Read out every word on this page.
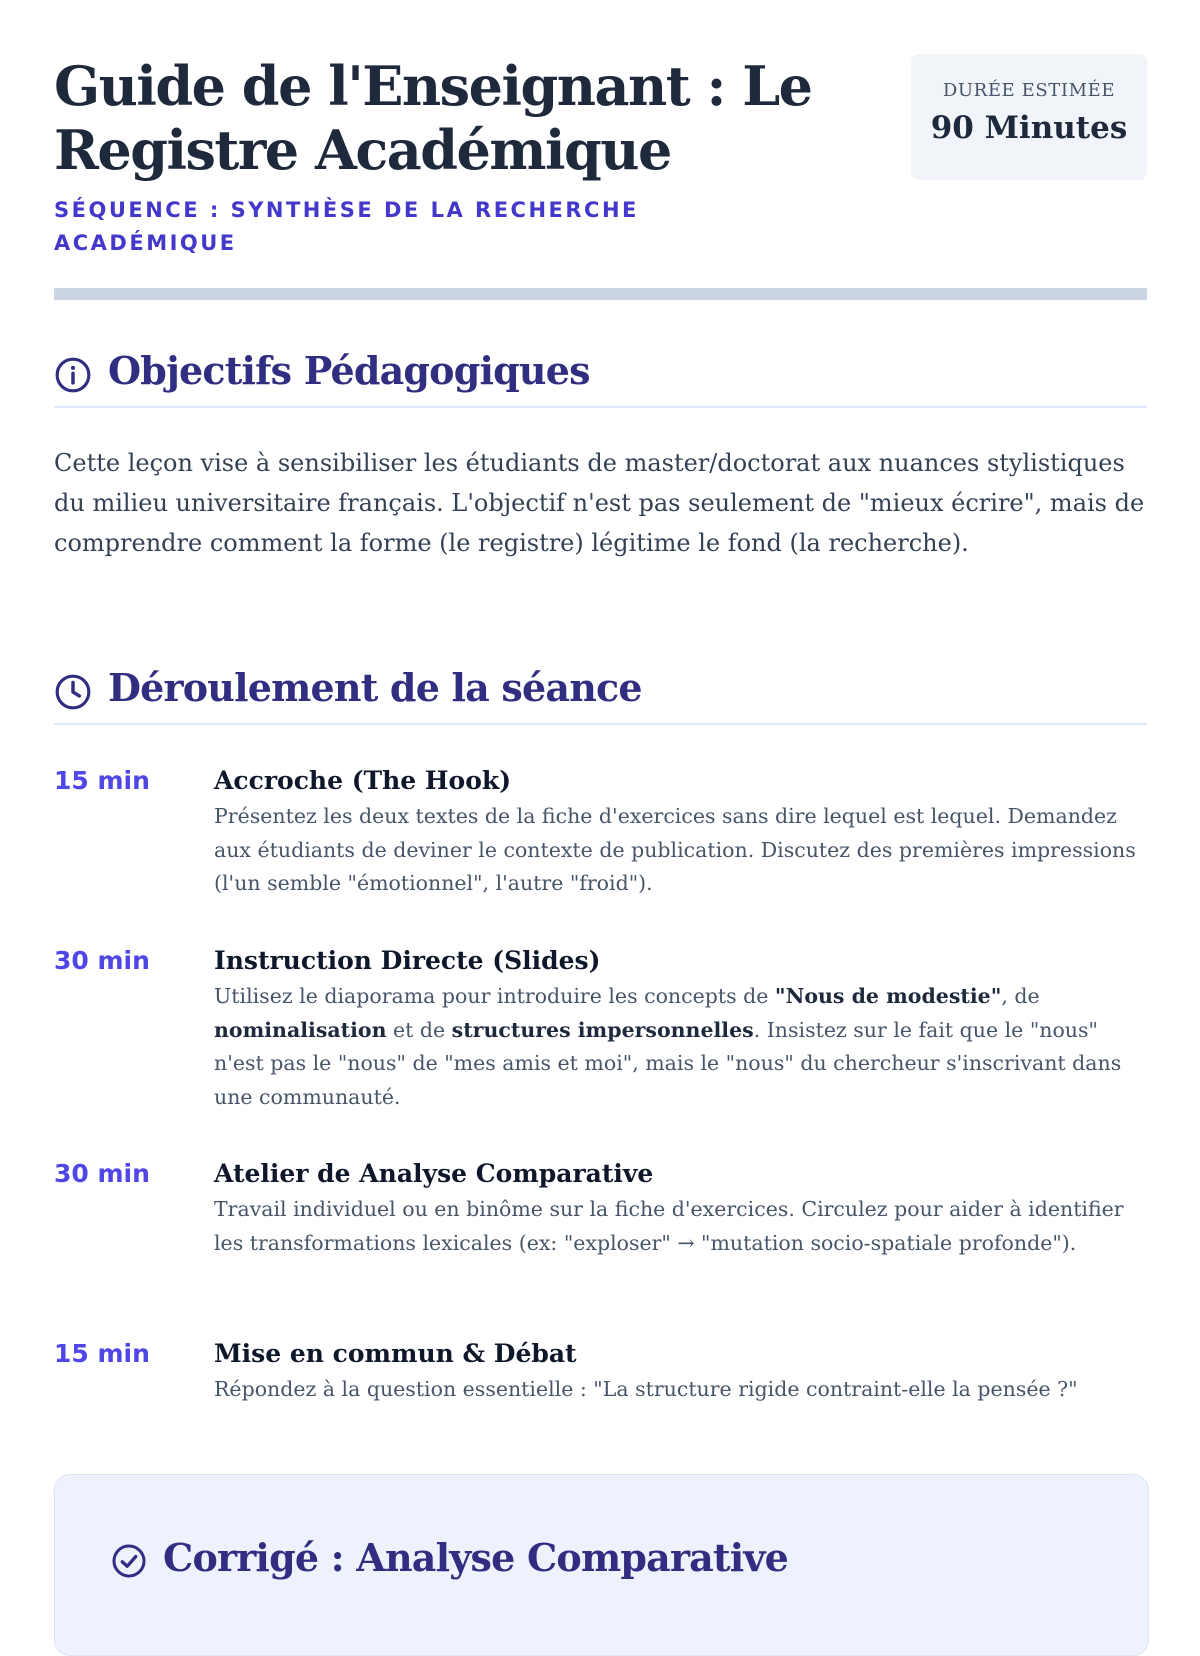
Guide de l'Enseignant : Le Registre Académique
SÉQUENCE : SYNTHÈSE DE LA RECHERCHE ACADÉMIQUE
DURÉE ESTIMÉE
90 Minutes
Objectifs Pédagogiques

Cette leçon vise à sensibiliser les étudiants de master/doctorat aux nuances stylistiques du milieu universitaire français. L'objectif n'est pas seulement de "mieux écrire", mais de comprendre comment la forme (le registre) légitime le fond (la recherche).

Déroulement de la séance
15 min	Accroche (The Hook)

Présentez les deux textes de la fiche d'exercices sans dire lequel est lequel. Demandez aux étudiants de deviner le contexte de publication. Discutez des premières impressions (l'un semble "émotionnel", l'autre "froid").

30 min	Instruction Directe (Slides)

Utilisez le diaporama pour introduire les concepts de "Nous de modestie", de nominalisation et de structures impersonnelles. Insistez sur le fait que le "nous" n'est pas le "nous" de "mes amis et moi", mais le "nous" du chercheur s'inscrivant dans une communauté.

30 min	Atelier de Analyse Comparative

Travail individuel ou en binôme sur la fiche d'exercices. Circulez pour aider à identifier les transformations lexicales (ex: "exploser" → "mutation socio-spatiale profonde").

15 min	Mise en commun & Débat

Répondez à la question essentielle : "La structure rigide contraint-elle la pensée ?"

Corrigé : Analyse Comparative
